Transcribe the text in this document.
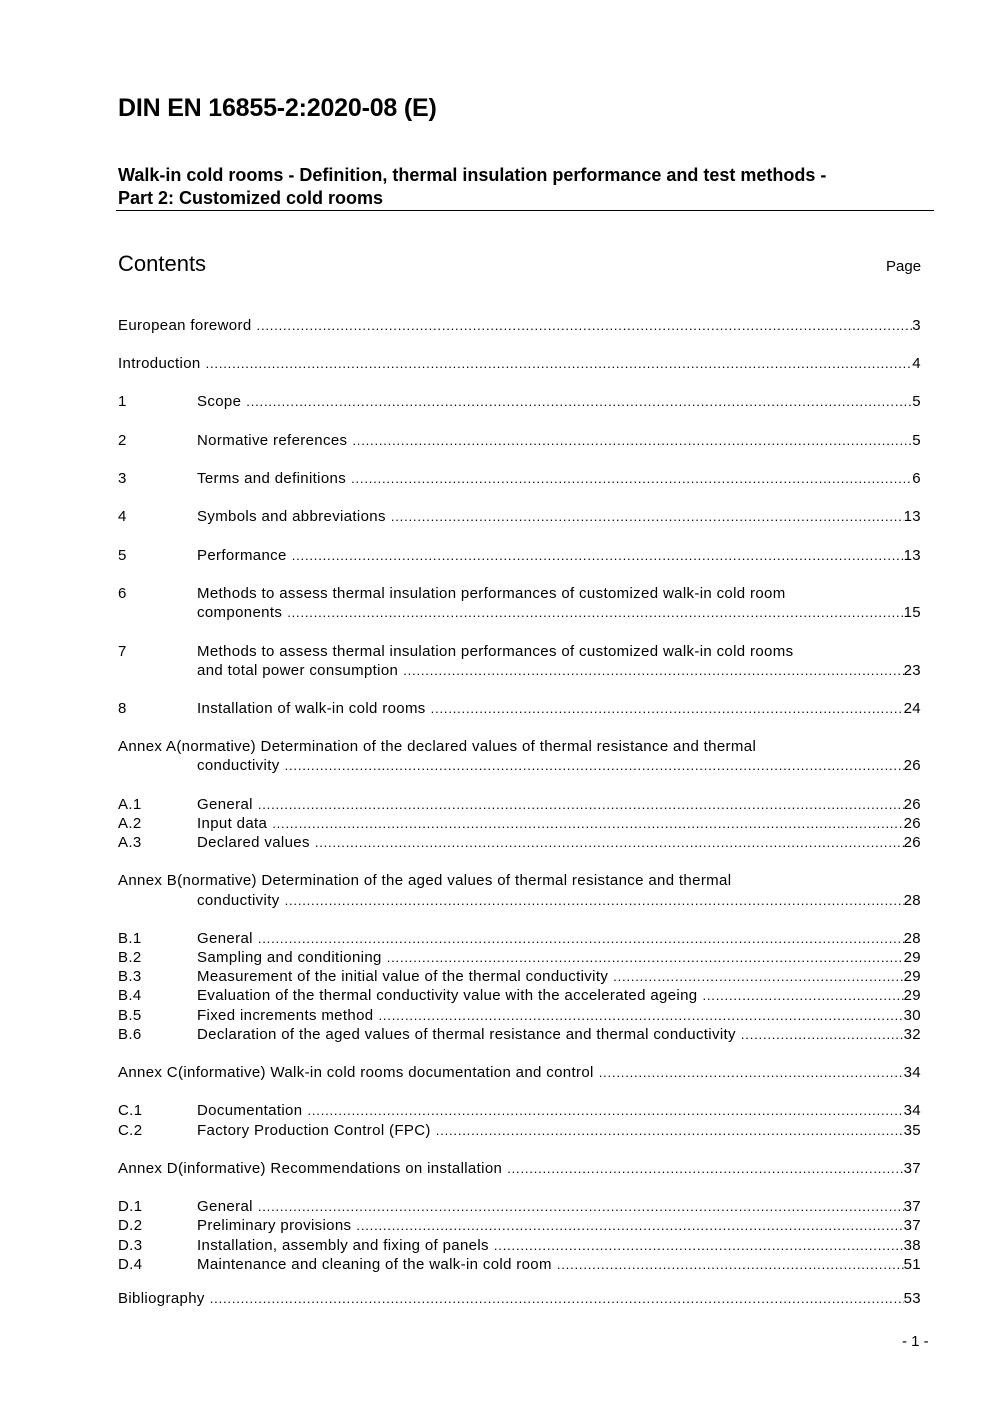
DIN EN 16855-2:2020-08 (E)
Walk-in cold rooms - Definition, thermal insulation performance and test methods -
Part 2: Customized cold rooms
Contents	Page
European foreword .....	3
Introduction .....	4
1	Scope .....	5
2	Normative references .....	5
3	Terms and definitions .....	6
4	Symbols and abbreviations .....	13
5	Performance .....	13
6	Methods to assess thermal insulation performances of customized walk-in cold room
components .....	15
7	Methods to assess thermal insulation performances of customized walk-in cold rooms
and total power consumption .....	23
8	Installation of walk-in cold rooms .....	24
Annex A(normative) Determination of the declared values of thermal resistance and thermal
conductivity .....	26
A.1	General .....	26
A.2	Input data .....	26
A.3	Declared values .....	26
Annex B(normative) Determination of the aged values of thermal resistance and thermal
conductivity .....	28
B.1	General .....	28
B.2	Sampling and conditioning .....	29
B.3	Measurement of the initial value of the thermal conductivity .....	29
B.4	Evaluation of the thermal conductivity value with the accelerated ageing .....	29
B.5	Fixed increments method .....	30
B.6	Declaration of the aged values of thermal resistance and thermal conductivity .....	32
Annex C(informative) Walk-in cold rooms documentation and control .....	34
C.1	Documentation .....	34
C.2	Factory Production Control (FPC) .....	35
Annex D(informative) Recommendations on installation .....	37
D.1	General .....	37
D.2	Preliminary provisions .....	37
D.3	Installation, assembly and fixing of panels .....	38
D.4	Maintenance and cleaning of the walk-in cold room .....	51
Bibliography .....	53
- 1 -
